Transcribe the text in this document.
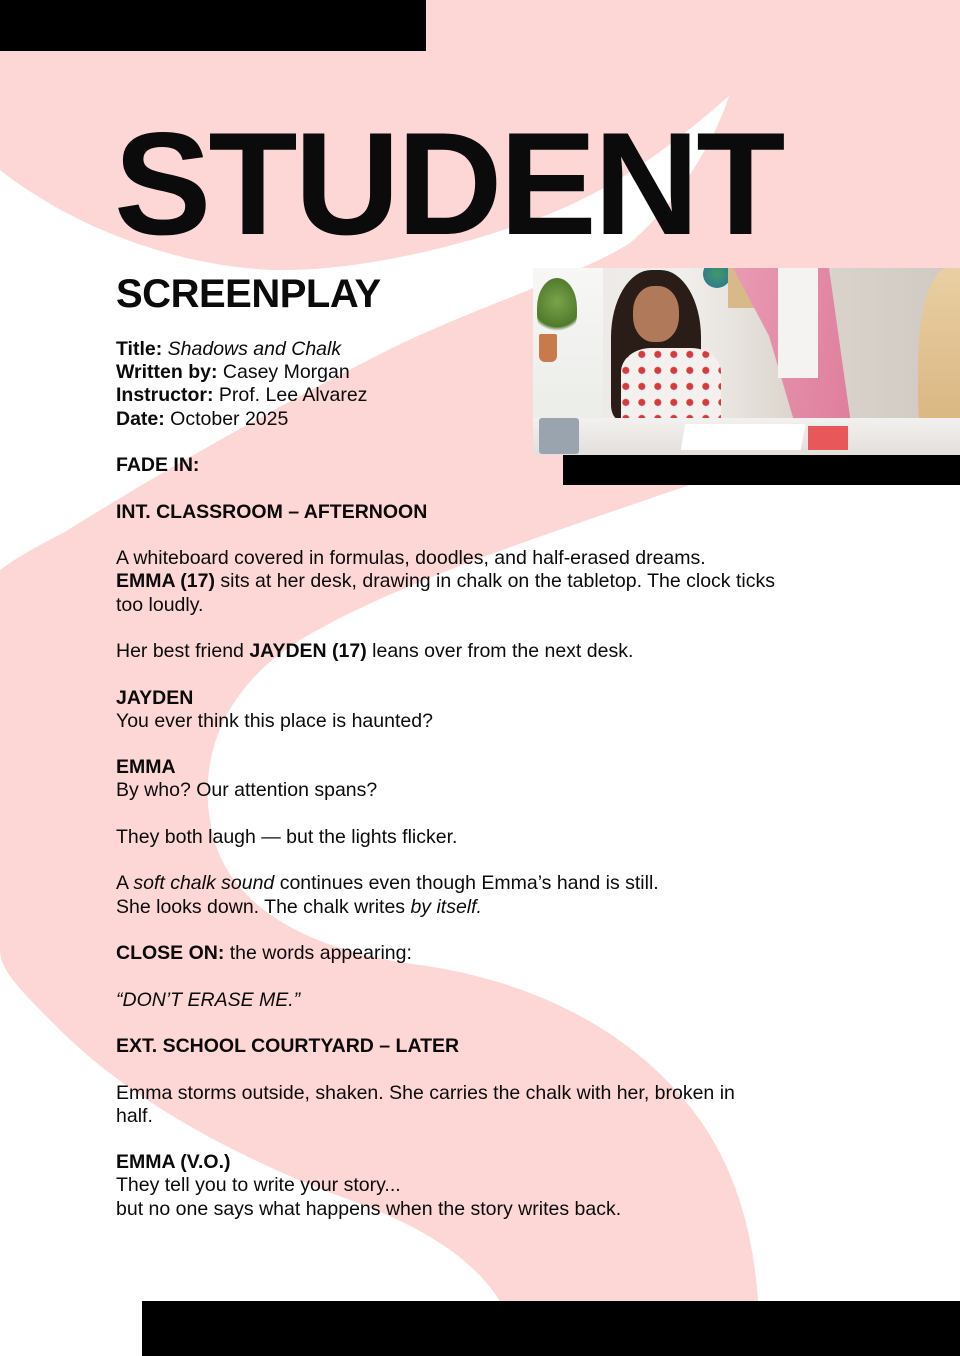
STUDENT
SCREENPLAY
Title: Shadows and Chalk
Written by: Casey Morgan
Instructor: Prof. Lee Alvarez
Date: October 2025
FADE IN:
INT. CLASSROOM – AFTERNOON
A whiteboard covered in formulas, doodles, and half-erased dreams.
EMMA (17) sits at her desk, drawing in chalk on the tabletop. The clock ticks
too loudly.
Her best friend JAYDEN (17) leans over from the next desk.
JAYDEN
You ever think this place is haunted?
EMMA
By who? Our attention spans?
They both laugh — but the lights flicker.
A soft chalk sound continues even though Emma’s hand is still.
She looks down. The chalk writes by itself.
CLOSE ON: the words appearing:
“DON’T ERASE ME.”
EXT. SCHOOL COURTYARD – LATER
Emma storms outside, shaken. She carries the chalk with her, broken in
half.
EMMA (V.O.)
They tell you to write your story...
but no one says what happens when the story writes back.
